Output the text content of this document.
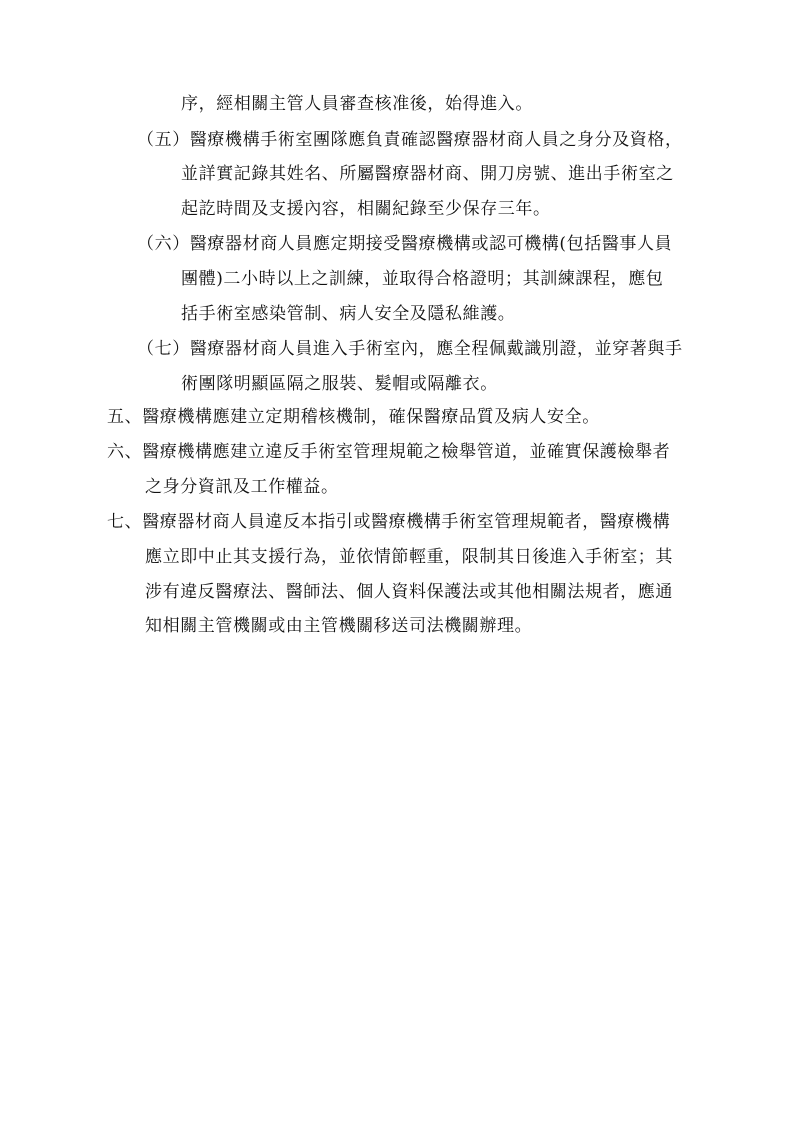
序，經相關主管人員審查核准後，始得進入。
（五）醫療機構手術室團隊應負責確認醫療器材商人員之身分及資格，
並詳實記錄其姓名、所屬醫療器材商、開刀房號、進出手術室之
起訖時間及支援內容，相關紀錄至少保存三年。
（六）醫療器材商人員應定期接受醫療機構或認可機構(包括醫事人員
團體)二小時以上之訓練，並取得合格證明；其訓練課程，應包
括手術室感染管制、病人安全及隱私維護。
（七）醫療器材商人員進入手術室內，應全程佩戴識別證，並穿著與手
術團隊明顯區隔之服裝、髮帽或隔離衣。
五、醫療機構應建立定期稽核機制，確保醫療品質及病人安全。
六、醫療機構應建立違反手術室管理規範之檢舉管道，並確實保護檢舉者
之身分資訊及工作權益。
七、醫療器材商人員違反本指引或醫療機構手術室管理規範者，醫療機構
應立即中止其支援行為，並依情節輕重，限制其日後進入手術室；其
涉有違反醫療法、醫師法、個人資料保護法或其他相關法規者，應通
知相關主管機關或由主管機關移送司法機關辦理。
